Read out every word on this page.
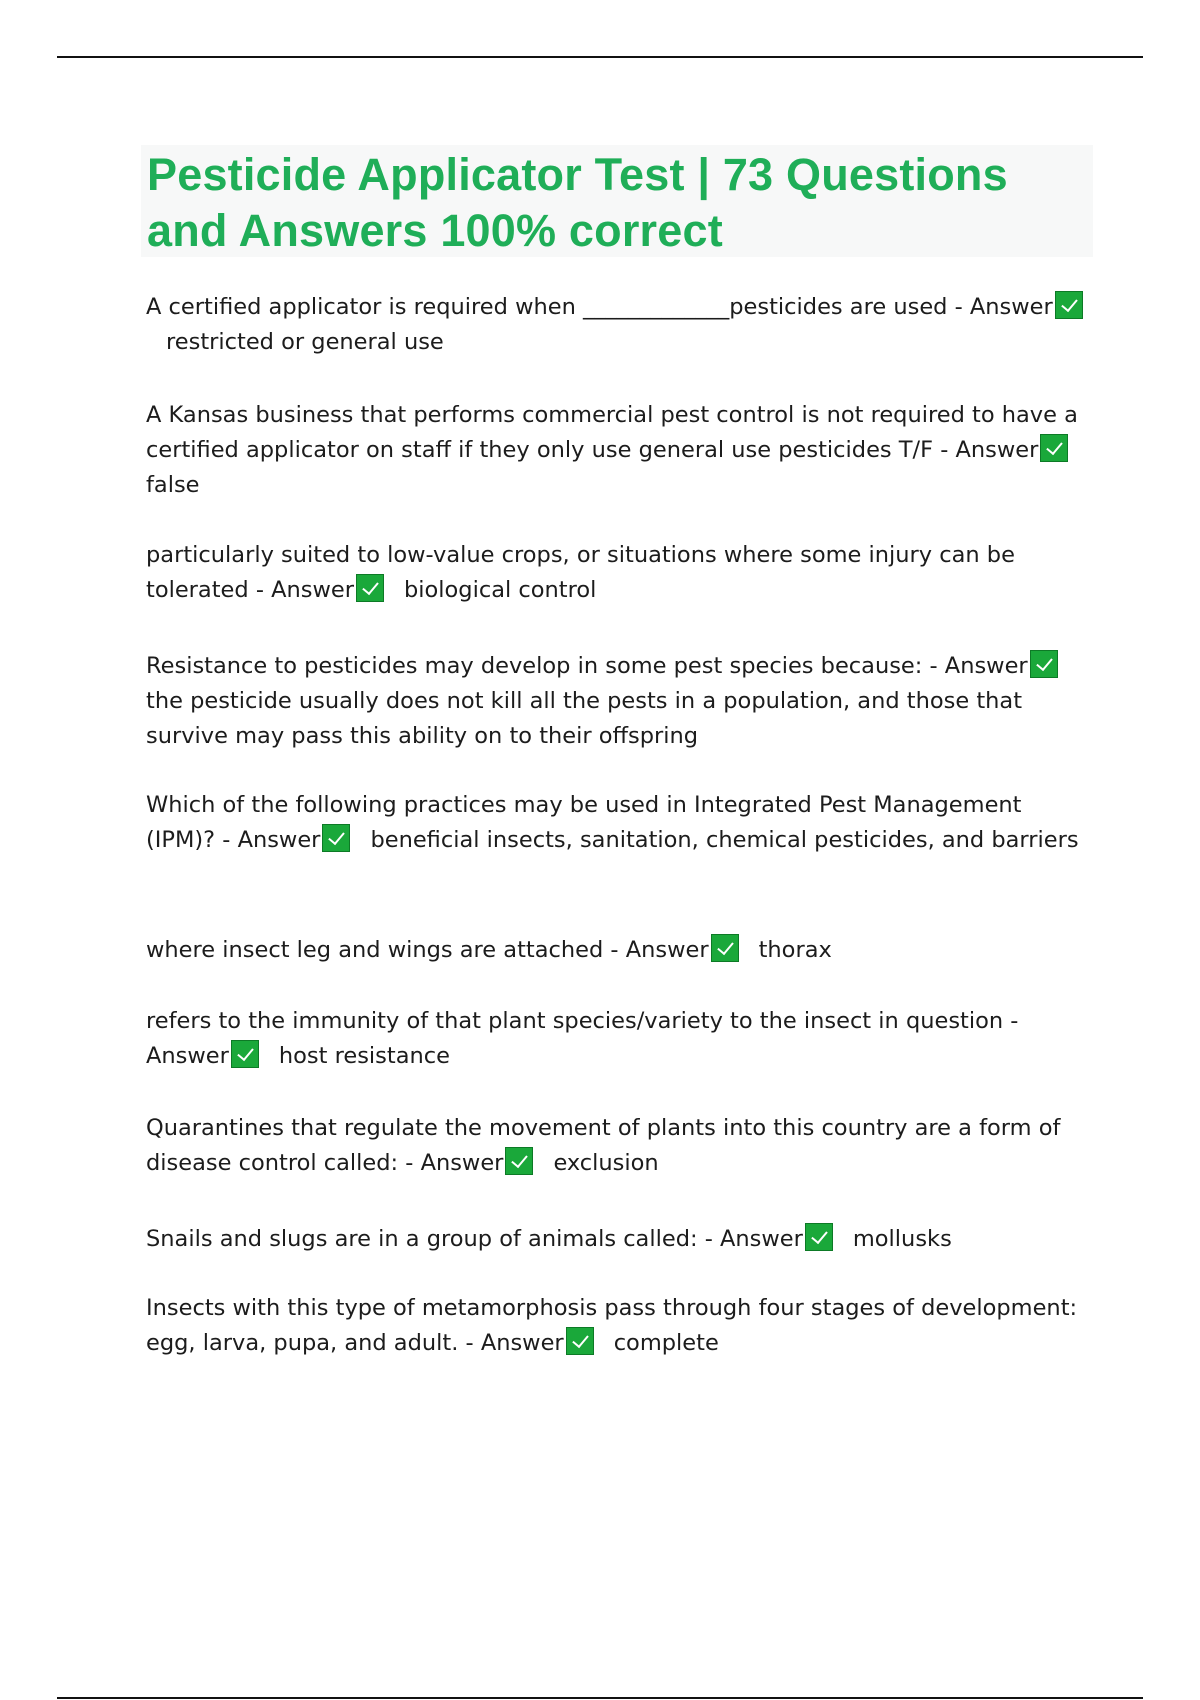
Pesticide Applicator Test | 73 Questions and Answers 100% correct

A certified applicator is required when _____________pesticides are used - Answerrestricted or general use

A Kansas business that performs commercial pest control is not required to have a certified applicator on staff if they only use general use pesticides T/F - Answer false

particularly suited to low-value crops, or situations where some injury can be tolerated - Answer biological control

Resistance to pesticides may develop in some pest species because: - Answer the pesticide usually does not kill all the pests in a population, and those that survive may pass this ability on to their offspring

Which of the following practices may be used in Integrated Pest Management (IPM)? - Answer beneficial insects, sanitation, chemical pesticides, and barriers

where insect leg and wings are attached - Answer thorax

refers to the immunity of that plant species/variety to the insect in question - Answer host resistance

Quarantines that regulate the movement of plants into this country are a form of disease control called: - Answer exclusion

Snails and slugs are in a group of animals called: - Answer mollusks

Insects with this type of metamorphosis pass through four stages of development: egg, larva, pupa, and adult. - Answer complete
